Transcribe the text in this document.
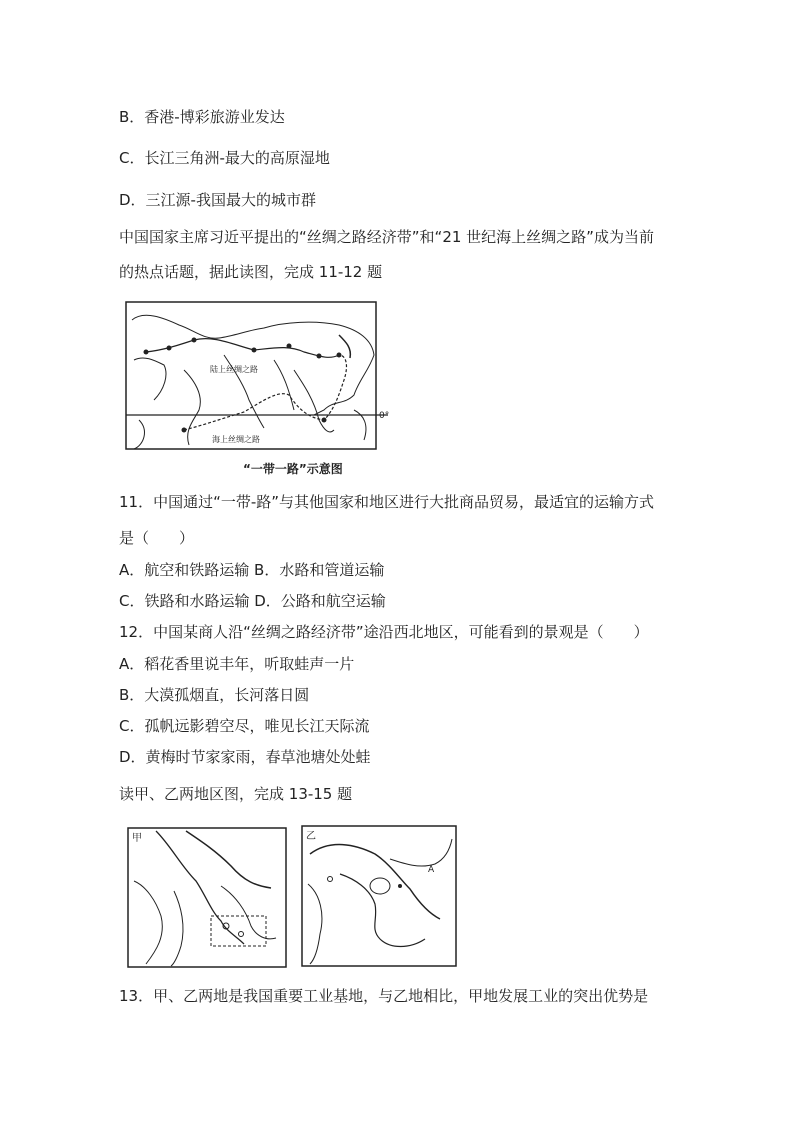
B．香港-博彩旅游业发达
C．长江三角洲-最大的高原湿地
D．三江源-我国最大的城市群
中国国家主席习近平提出的“丝绸之路经济带”和“21 世纪海上丝绸之路”成为当前
的热点话题，据此读图，完成 11-12 题
0°
陆上丝绸之路
海上丝绸之路
“一带一路”示意图
11．中国通过“一带-路”与其他国家和地区进行大批商品贸易，最适宜的运输方式
是（　　）
A．航空和铁路运输 B．水路和管道运输
C．铁路和水路运输 D．公路和航空运输
12．中国某商人沿“丝绸之路经济带”途沿西北地区，可能看到的景观是（　　）
A．稻花香里说丰年，听取蛙声一片
B．大漠孤烟直，长河落日圆
C．孤帆远影碧空尽，唯见长江天际流
D．黄梅时节家家雨，春草池塘处处蛙
读甲、乙两地区图，完成 13-15 题
甲	乙
A
13．甲、乙两地是我国重要工业基地，与乙地相比，甲地发展工业的突出优势是
